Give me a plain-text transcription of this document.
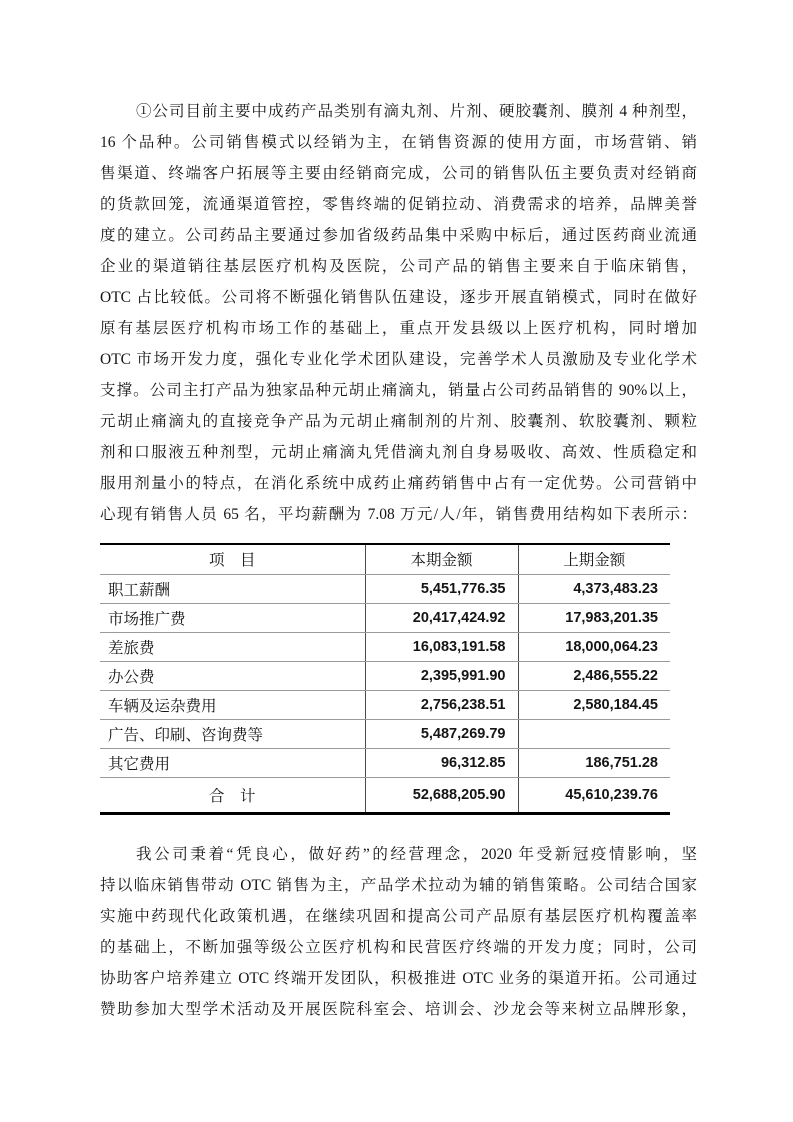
①公司目前主要中成药产品类别有滴丸剂、片剂、硬胶囊剂、膜剂 4 种剂型，
16 个品种。公司销售模式以经销为主，在销售资源的使用方面，市场营销、销
售渠道、终端客户拓展等主要由经销商完成，公司的销售队伍主要负责对经销商
的货款回笼，流通渠道管控，零售终端的促销拉动、消费需求的培养，品牌美誉
度的建立。公司药品主要通过参加省级药品集中采购中标后，通过医药商业流通
企业的渠道销往基层医疗机构及医院，公司产品的销售主要来自于临床销售，
OTC 占比较低。公司将不断强化销售队伍建设，逐步开展直销模式，同时在做好
原有基层医疗机构市场工作的基础上，重点开发县级以上医疗机构，同时增加
OTC 市场开发力度，强化专业化学术团队建设，完善学术人员激励及专业化学术
支撑。公司主打产品为独家品种元胡止痛滴丸，销量占公司药品销售的 90%以上，
元胡止痛滴丸的直接竞争产品为元胡止痛制剂的片剂、胶囊剂、软胶囊剂、颗粒
剂和口服液五种剂型，元胡止痛滴丸凭借滴丸剂自身易吸收、高效、性质稳定和
服用剂量小的特点，在消化系统中成药止痛药销售中占有一定优势。公司营销中
心现有销售人员 65 名，平均薪酬为 7.08 万元/人/年，销售费用结构如下表所示：
项　目	本期金额	上期金额
职工薪酬	5,451,776.35	4,373,483.23
市场推广费	20,417,424.92	17,983,201.35
差旅费	16,083,191.58	18,000,064.23
办公费	2,395,991.90	2,486,555.22
车辆及运杂费用	2,756,238.51	2,580,184.45
广告、印刷、咨询费等	5,487,269.79	
其它费用	96,312.85	186,751.28
合　计	52,688,205.90	45,610,239.76
我公司秉着“凭良心，做好药”的经营理念，2020 年受新冠疫情影响，坚
持以临床销售带动 OTC 销售为主，产品学术拉动为辅的销售策略。公司结合国家
实施中药现代化政策机遇，在继续巩固和提高公司产品原有基层医疗机构覆盖率
的基础上，不断加强等级公立医疗机构和民营医疗终端的开发力度；同时，公司
协助客户培养建立 OTC 终端开发团队，积极推进 OTC 业务的渠道开拓。公司通过
赞助参加大型学术活动及开展医院科室会、培训会、沙龙会等来树立品牌形象，
